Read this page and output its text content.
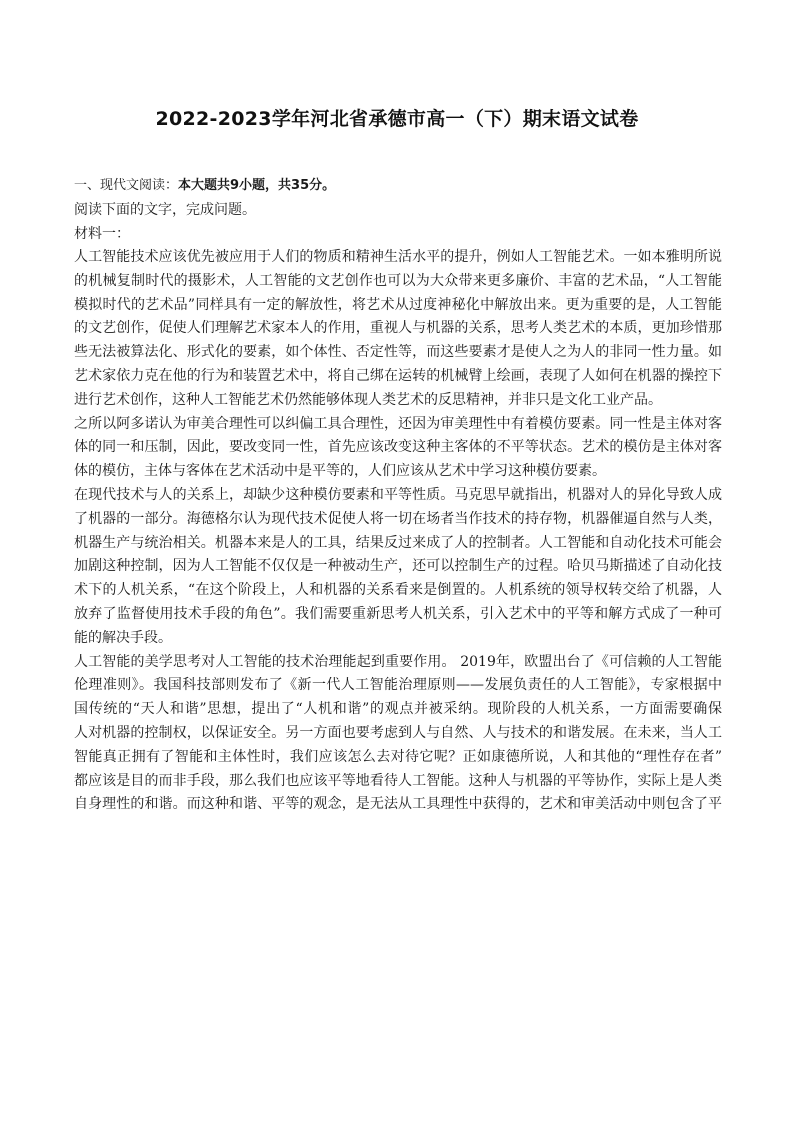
2022-2023学年河北省承德市高一（下）期末语文试卷
一、现代文阅读：本大题共9小题，共35分。
阅读下面的文字，完成问题。
材料一：
人工智能技术应该优先被应用于人们的物质和精神生活水平的提升，例如人工智能艺术。一如本雅明所说
的机械复制时代的摄影术，人工智能的文艺创作也可以为大众带来更多廉价、丰富的艺术品，“人工智能
模拟时代的艺术品”同样具有一定的解放性，将艺术从过度神秘化中解放出来。更为重要的是，人工智能
的文艺创作，促使人们理解艺术家本人的作用，重视人与机器的关系，思考人类艺术的本质，更加珍惜那
些无法被算法化、形式化的要素，如个体性、否定性等，而这些要素才是使人之为人的非同一性力量。如
艺术家依力克在他的行为和装置艺术中，将自己绑在运转的机械臂上绘画，表现了人如何在机器的操控下
进行艺术创作，这种人工智能艺术仍然能够体现人类艺术的反思精神，并非只是文化工业产品。
之所以阿多诺认为审美合理性可以纠偏工具合理性，还因为审美理性中有着模仿要素。同一性是主体对客
体的同一和压制，因此，要改变同一性，首先应该改变这种主客体的不平等状态。艺术的模仿是主体对客
体的模仿，主体与客体在艺术活动中是平等的，人们应该从艺术中学习这种模仿要素。
在现代技术与人的关系上，却缺少这种模仿要素和平等性质。马克思早就指出，机器对人的异化导致人成
了机器的一部分。海德格尔认为现代技术促使人将一切在场者当作技术的持存物，机器催逼自然与人类，
机器生产与统治相关。机器本来是人的工具，结果反过来成了人的控制者。人工智能和自动化技术可能会
加剧这种控制，因为人工智能不仅仅是一种被动生产，还可以控制生产的过程。哈贝马斯描述了自动化技
术下的人机关系，“在这个阶段上，人和机器的关系看来是倒置的。人机系统的领导权转交给了机器，人
放弃了监督使用技术手段的角色”。我们需要重新思考人机关系，引入艺术中的平等和解方式成了一种可
能的解决手段。
人工智能的美学思考对人工智能的技术治理能起到重要作用。 2019年，欧盟出台了《可信赖的人工智能
伦理准则》。我国科技部则发布了《新一代人工智能治理原则——发展负责任的人工智能》，专家根据中
国传统的“天人和谐”思想，提出了“人机和谐”的观点并被采纳。现阶段的人机关系，一方面需要确保
人对机器的控制权，以保证安全。另一方面也要考虑到人与自然、人与技术的和谐发展。在未来，当人工
智能真正拥有了智能和主体性时，我们应该怎么去对待它呢？正如康德所说，人和其他的“理性存在者”
都应该是目的而非手段，那么我们也应该平等地看待人工智能。这种人与机器的平等协作，实际上是人类
自身理性的和谐。而这种和谐、平等的观念，是无法从工具理性中获得的，艺术和审美活动中则包含了平
